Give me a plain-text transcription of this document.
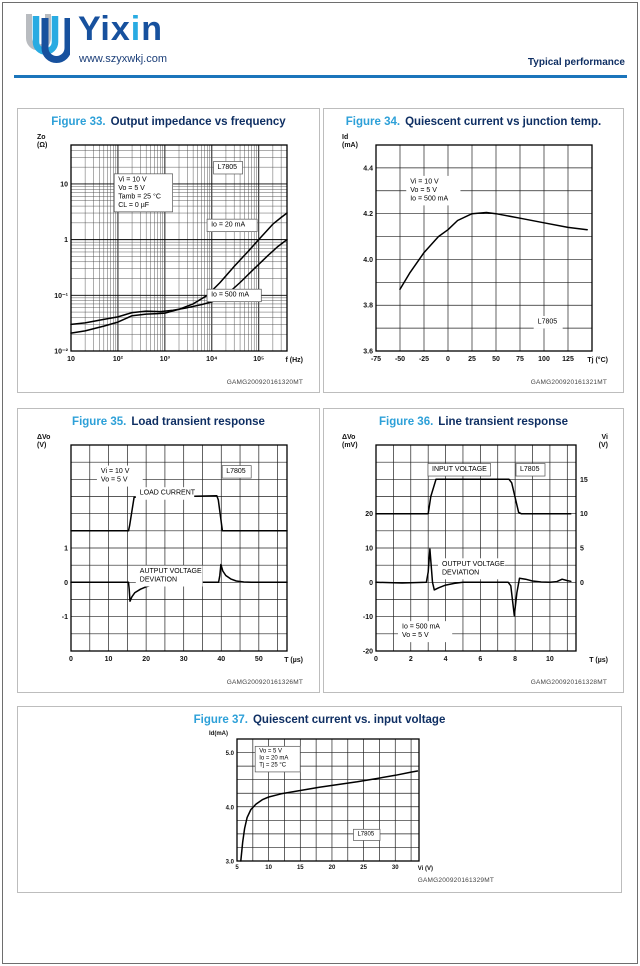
Yixin
www.szyxwkj.com	Typical performance
Figure 33. Output impedance vs frequency
L7805
Vi = 10 V
Vo = 5 V
Tamb = 25 °C
CL = 0 µF
Io = 20 mA
Io = 500 mA
10	10²	10³	10⁴	10⁵
10⁻²
10⁻¹
1
10
f (Hz)
Zo
(Ω)
GAMG200920161320MT
Figure 34. Quiescent current vs junction temp.
Vi = 10 V
Vo = 5 V
Io = 500 mA
L7805
-75 -50 -25 0	25 50 75 100 125
3.6
3.8
4.0
4.2
4.4
Tj (°C)
Id
(mA)
GAMG200920161321MT
Figure 35. Load transient response
Vi = 10 V
Vo = 5 V
L7805
LOAD CURRENT
AUTPUT VOLTAGE
DEVIATION
0	10	20	30	40	50
1
0
-1
T (µs)
ΔVo
(V)
GAMG200920161326MT
Figure 36. Line transient response
INPUT VOLTAGE	L7805
OUTPUT VOLTAGE
DEVIATION
Io = 500 mA
Vo = 5 V
0	2	4	6	8	10
-20
-10
0
10
20
0
5
10
15
T (µs)
ΔVo
(mV)
Vi
(V)
GAMG200920161328MT
Figure 37. Quiescent current vs. input voltage
Vo = 5 V
Io = 20 mA
Tj = 25 °C
L7805
5	10	15	20	25	30
3.0
4.0
5.0
Vi (V)
Id(mA)
GAMG200920161329MT
